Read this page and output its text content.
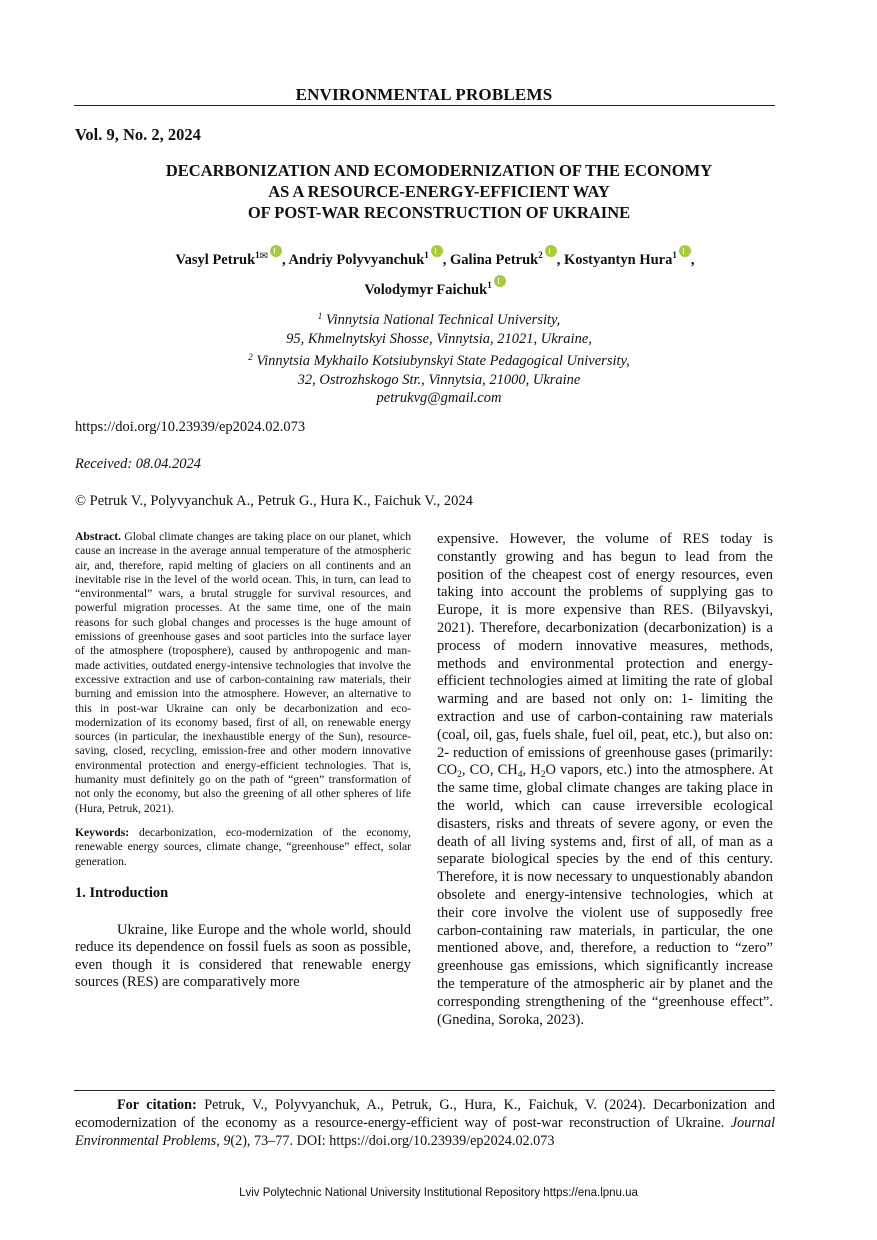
ENVIRONMENTAL PROBLEMS
Vol. 9, No. 2, 2024
DECARBONIZATION AND ECOMODERNIZATION OF THE ECONOMY
AS A RESOURCE-ENERGY-EFFICIENT WAY
OF POST-WAR RECONSTRUCTION OF UKRAINE
Vasyl Petruk$^{1✉}$ , Andriy Polyvyanchuk$^1$ , Galina Petruk$^2$ , Kostyantyn Hura$^1$ ,
Volodymyr Faichuk$^1$
$^1$ Vinnytsia National Technical University,
95, Khmelnytskyi Shosse, Vinnytsia, 21021, Ukraine,
$^2$ Vinnytsia Mykhailo Kotsiubynskyi State Pedagogical University,
32, Ostrozhskogo Str., Vinnytsia, 21000, Ukraine
petrukvg@gmail.com
https://doi.org/10.23939/ep2024.02.073
Received: 08.04.2024
© Petruk V., Polyvyanchuk A., Petruk G., Hura K., Faichuk V., 2024

Abstract. Global climate changes are taking place on our planet, which cause an increase in the average annual temperature of the atmospheric air, and, therefore, rapid melting of glaciers on all continents and an inevitable rise in the level of the world ocean. This, in turn, can lead to “environmental” wars, a brutal struggle for survival resources, and powerful migration processes. At the same time, one of the main reasons for such global changes and processes is the huge amount of emissions of greenhouse gases and soot particles into the surface layer of the atmosphere (troposphere), caused by anthropogenic and man-made activities, outdated energy-intensive technologies that involve the excessive extraction and use of carbon-containing raw materials, their burning and emission into the atmosphere. However, an alternative to this in post-war Ukraine can only be decarbonization and eco-modernization of its economy based, first of all, on renewable energy sources (in particular, the inexhaustible energy of the Sun), resource-saving, closed, recycling, emission-free and other modern innovative environmental protection and energy-efficient technologies. That is, humanity must definitely go on the path of “green” transformation of not only the economy, but also the greening of all other spheres of life (Hura, Petruk, 2021).

Keywords: decarbonization, eco-modernization of the economy, renewable energy sources, climate change, “greenhouse” effect, solar generation.

1. Introduction

Ukraine, like Europe and the whole world, should reduce its dependence on fossil fuels as soon as possible, even though it is considered that renewable energy sources (RES) are comparatively more

expensive. However, the volume of RES today is constantly growing and has begun to lead from the position of the cheapest cost of energy resources, even taking into account the problems of supplying gas to Europe, it is more expensive than RES. (Bilyavskyi, 2021). Therefore, decarbonization (decarbonization) is a process of modern innovative measures, methods, methods and environmental protection and energy-efficient technologies aimed at limiting the rate of global warming and are based not only on: 1- limiting the extraction and use of carbon-containing raw materials (coal, oil, gas, fuels shale, fuel oil, peat, etc.), but also on: 2- reduction of emissions of greenhouse gases (primarily: $CO_2$, CO, $CH_4$, $H_2O$ vapors, etc.) into the atmosphere. At the same time, global climate changes are taking place in the world, which can cause irreversible ecological disasters, risks and threats of severe agony, or even the death of all living systems and, first of all, of man as a separate biological species by the end of this century. Therefore, it is now necessary to unquestionably abandon obsolete and energy-intensive technologies, which at their core involve the violent use of supposedly free carbon-containing raw materials, in particular, the one mentioned above, and, therefore, a reduction to “zero” greenhouse gas emissions, which significantly increase the temperature of the atmospheric air by planet and the corresponding strengthening of the “greenhouse effect”. (Gnedina, Soroka, 2023).

For citation: Petruk, V., Polyvyanchuk, A., Petruk, G., Hura, K., Faichuk, V. (2024). Decarbonization and ecomodernization of the economy as a resource-energy-efficient way of post-war reconstruction of Ukraine. Journal Environmental Problems, 9(2), 73–77. DOI: https://doi.org/10.23939/ep2024.02.073

Lviv Polytechnic National University Institutional Repository https://ena.lpnu.ua
